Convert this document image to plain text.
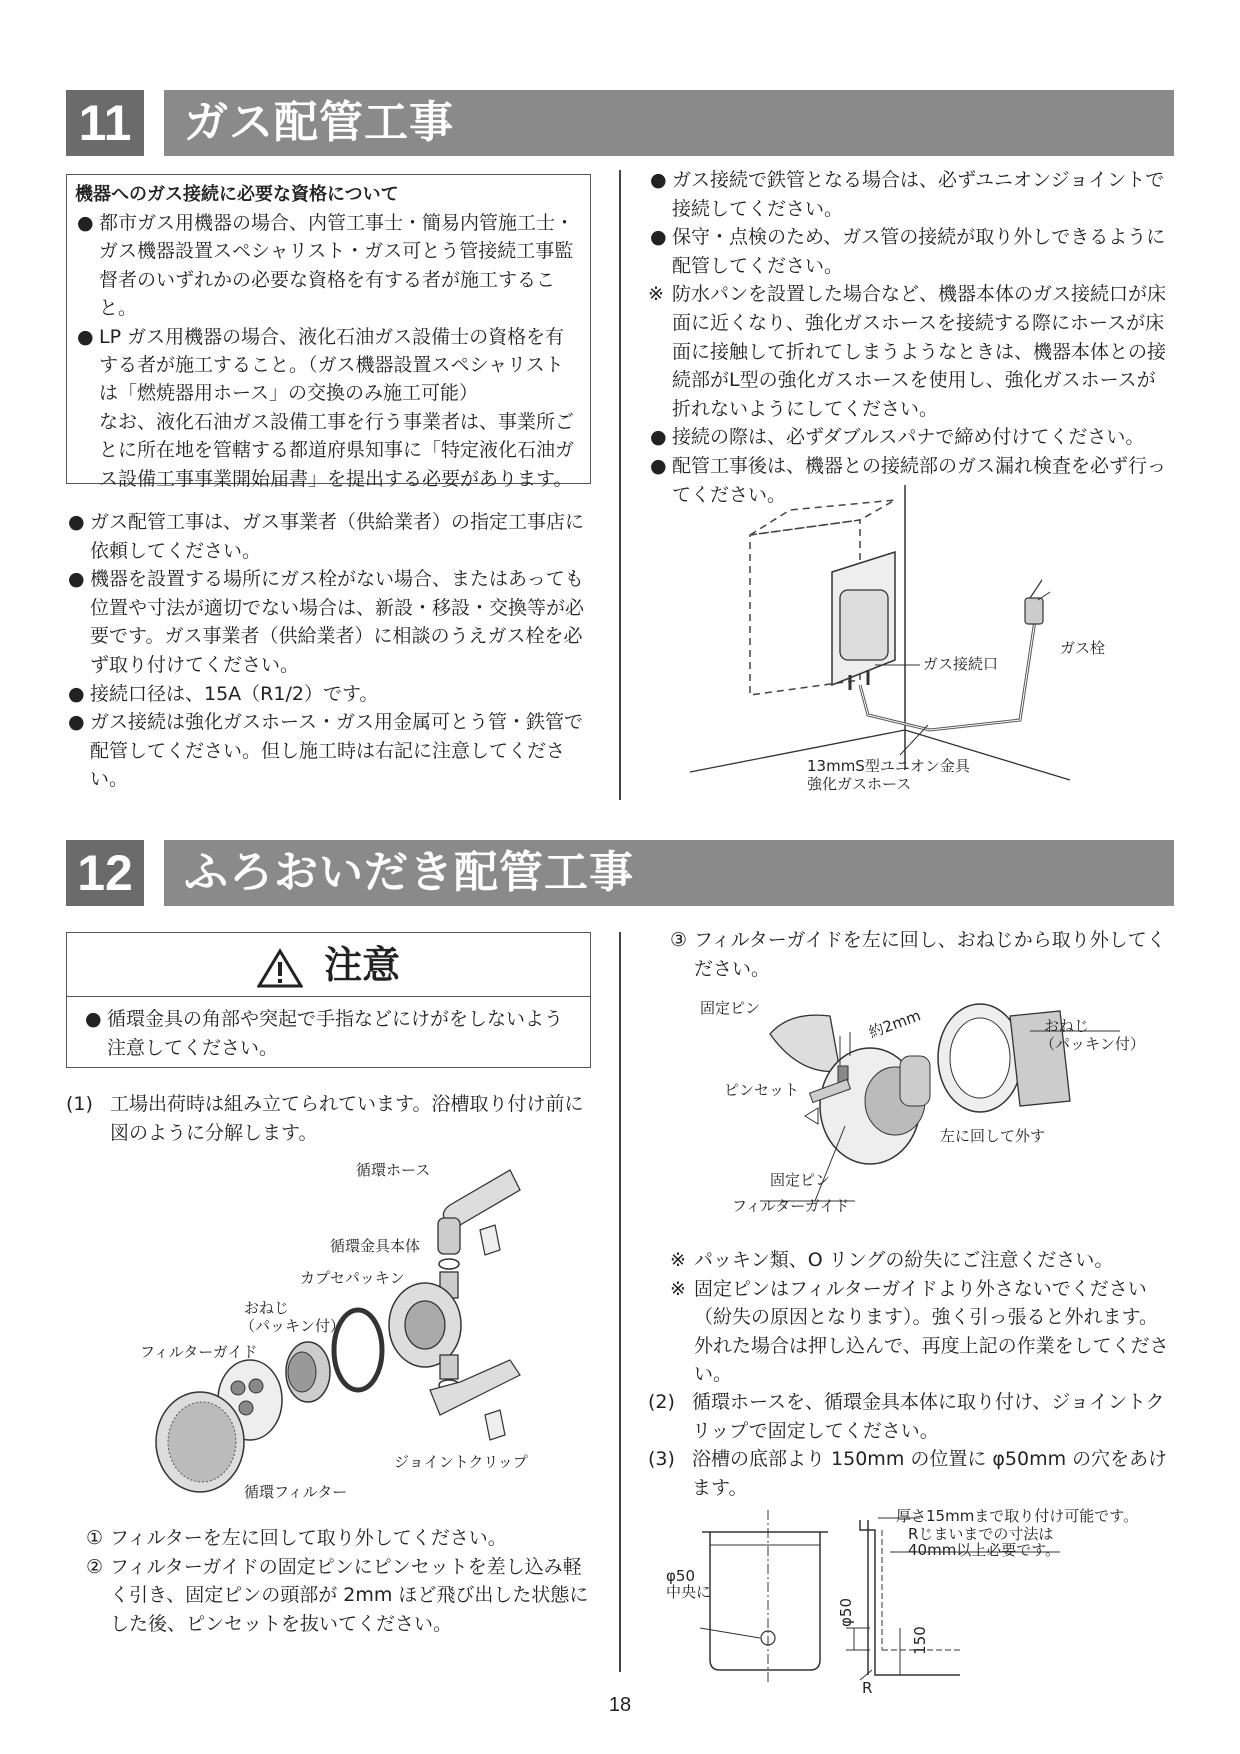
11	ガス配管工事
機器へのガス接続に必要な資格について
● 都市ガス用機器の場合、内管工事士・簡易内管施工士・ガス機器設置スペシャリスト・ガス可とう管接続工事監督者のいずれかの必要な資格を有する者が施工すること。
● LP ガス用機器の場合、液化石油ガス設備士の資格を有する者が施工すること。（ガス機器設置スペシャリストは「燃焼器用ホース」の交換のみ施工可能）
なお、液化石油ガス設備工事を行う事業者は、事業所ごとに所在地を管轄する都道府県知事に「特定液化石油ガス設備工事事業開始届書」を提出する必要があります。
● ガス配管工事は、ガス事業者（供給業者）の指定工事店に依頼してください。
● 機器を設置する場所にガス栓がない場合、またはあっても位置や寸法が適切でない場合は、新設・移設・交換等が必要です。ガス事業者（供給業者）に相談のうえガス栓を必ず取り付けてください。
● 接続口径は、15A（R1/2）です。
● ガス接続は強化ガスホース・ガス用金属可とう管・鉄管で配管してください。但し施工時は右記に注意してください。
● ガス接続で鉄管となる場合は、必ずユニオンジョイントで接続してください。
● 保守・点検のため、ガス管の接続が取り外しできるように配管してください。
※ 防水パンを設置した場合など、機器本体のガス接続口が床面に近くなり、強化ガスホースを接続する際にホースが床面に接触して折れてしまうようなときは、機器本体との接続部がL型の強化ガスホースを使用し、強化ガスホースが折れないようにしてください。
● 接続の際は、必ずダブルスパナで締め付けてください。
● 配管工事後は、機器との接続部のガス漏れ検査を必ず行ってください。
ガス接続口
ガス栓
13mmS型ユニオン金具
強化ガスホース
12	ふろおいだき配管工事
注意
● 循環金具の角部や突起で手指などにけがをしないよう注意してください。
(1) 工場出荷時は組み立てられています。浴槽取り付け前に図のように分解します。
循環ホース
循環金具本体
カプセパッキン
おねじ
（パッキン付）
フィルターガイド
ジョイントクリップ
循環フィルター
① フィルターを左に回して取り外してください。
② フィルターガイドの固定ピンにピンセットを差し込み軽く引き、固定ピンの頭部が 2mm ほど飛び出した状態にした後、ピンセットを抜いてください。
③ フィルターガイドを左に回し、おねじから取り外してください。
固定ピン	約2mm	おねじ
（パッキン付）
ピンセット
左に回して外す
固定ピン
フィルターガイド
※ パッキン類、O リングの紛失にご注意ください。
※ 固定ピンはフィルターガイドより外さないでください（紛失の原因となります）。強く引っ張ると外れます。外れた場合は押し込んで、再度上記の作業をしてください。
(2) 循環ホースを、循環金具本体に取り付け、ジョイントクリップで固定してください。
(3) 浴槽の底部より 150mm の位置に φ50mm の穴をあけます。
厚さ15mmまで取り付け可能です。
Rじまいまでの寸法は
40mm以上必要です。
φ50
中央に
φ50
150
R
18
